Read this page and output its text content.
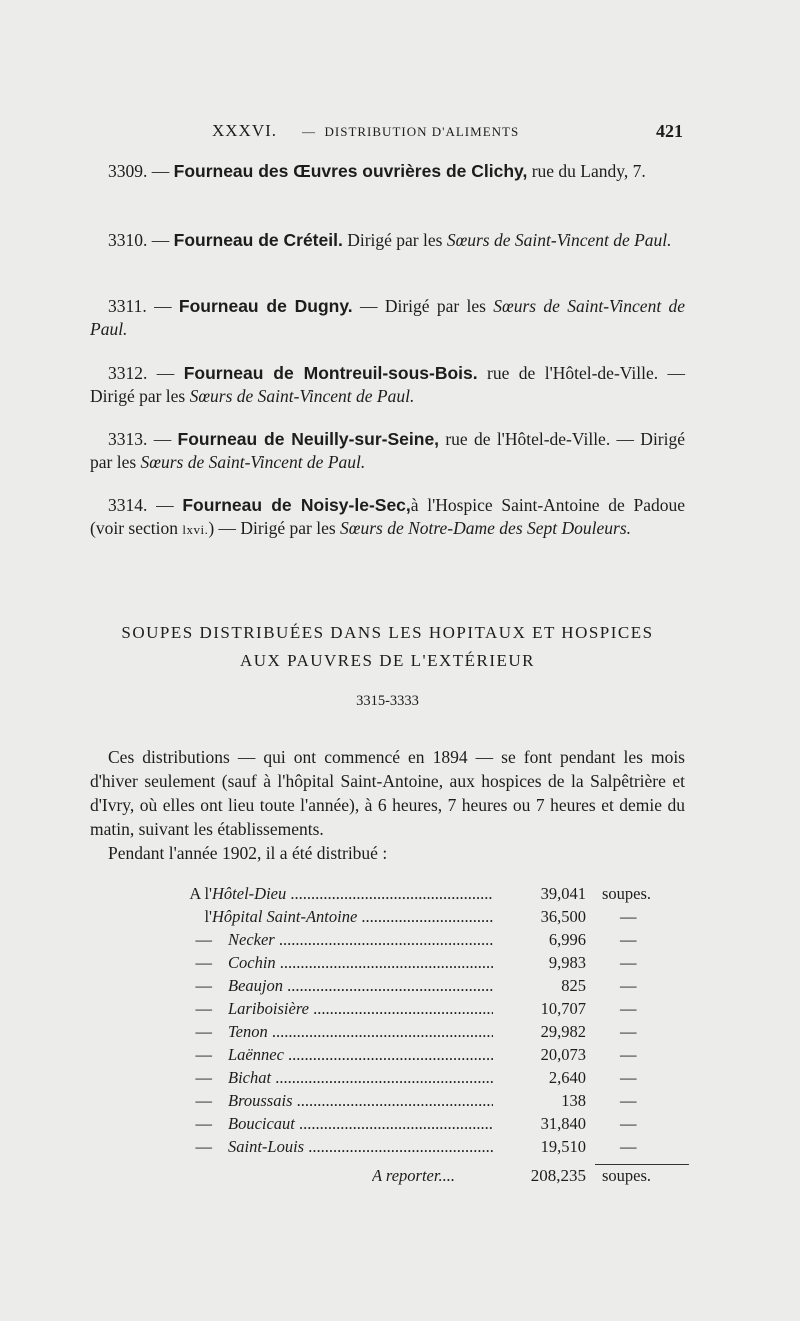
XXXVI. — DISTRIBUTION D'ALIMENTS	421
3309. — Fourneau des Œuvres ouvrières de Clichy, rue du Landy, 7.
3310. — Fourneau de Créteil. Dirigé par les Sœurs de Saint-Vincent de Paul.
3311. — Fourneau de Dugny. — Dirigé par les Sœurs de Saint-Vincent de Paul.
3312. — Fourneau de Montreuil-sous-Bois. rue de l'Hôtel-de-Ville. — Dirigé par les Sœurs de Saint-Vincent de Paul.
3313. — Fourneau de Neuilly-sur-Seine, rue de l'Hôtel-de-Ville. — Dirigé par les Sœurs de Saint-Vincent de Paul.
3314. — Fourneau de Noisy-le-Sec,à l'Hospice Saint-Antoine de Padoue (voir section lxvi.) — Dirigé par les Sœurs de Notre-Dame des Sept Douleurs.
SOUPES DISTRIBUÉES DANS LES HOPITAUX ET HOSPICES
AUX PAUVRES DE L'EXTÉRIEUR
3315-3333
Ces distributions — qui ont commencé en 1894 — se font pendant les mois d'hiver seulement (sauf à l'hôpital Saint-Antoine, aux hospices de la Salpêtrière et d'Ivry, où elles ont lieu toute l'année), à 6 heures, 7 heures ou 7 heures et demie du matin, suivant les établissements.
Pendant l'année 1902, il a été distribué :
A l' Hôtel-Dieu .....	39,041 soupes.
l' Hôpital Saint-Antoine .....	36,500 —
— Necker .....	6,996 —
— Cochin .....	9,983 —
— Beaujon .....	825 —
— Lariboisière .....	10,707 —
— Tenon .....	29,982 —
— Laënnec .....	20,073 —
— Bichat .....	2,640 —
— Broussais .....	138 —
— Boucicaut .....	31,840 —
— Saint-Louis .....	19,510 —
A reporter....	208,235 soupes.
